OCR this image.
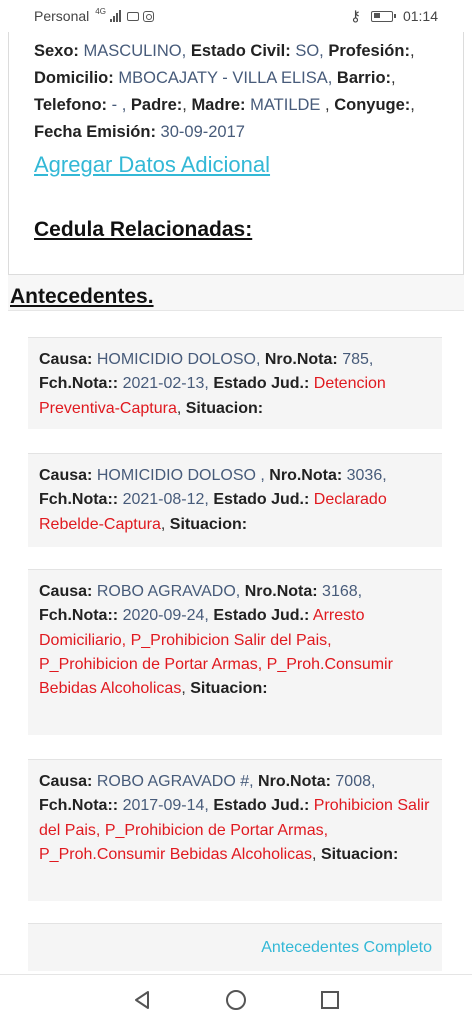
Personal 4G	⚷	01:14
Sexo: MASCULINO, Estado Civil: SO, Profesión:,
Domicilio: MBOCAJATY - VILLA ELISA, Barrio:,
Telefono: - , Padre:, Madre: MATILDE , Conyuge:,
Fecha Emisión: 30-09-2017
Agregar Datos Adicional
Cedula Relacionadas:
Antecedentes.
Causa: HOMICIDIO DOLOSO, Nro.Nota: 785, Fch.Nota:: 2021-02-13, Estado Jud.: Detencion Preventiva-Captura, Situacion:
Causa: HOMICIDIO DOLOSO , Nro.Nota: 3036, Fch.Nota:: 2021-08-12, Estado Jud.: Declarado Rebelde-Captura, Situacion:
Causa: ROBO AGRAVADO, Nro.Nota: 3168, Fch.Nota:: 2020-09-24, Estado Jud.: Arresto Domiciliario, P_Prohibicion Salir del Pais, P_Prohibicion de Portar Armas, P_Proh.Consumir Bebidas Alcoholicas, Situacion:
Causa: ROBO AGRAVADO #, Nro.Nota: 7008, Fch.Nota:: 2017-09-14, Estado Jud.: Prohibicion Salir del Pais, P_Prohibicion de Portar Armas, P_Proh.Consumir Bebidas Alcoholicas, Situacion:
Antecedentes Completo
